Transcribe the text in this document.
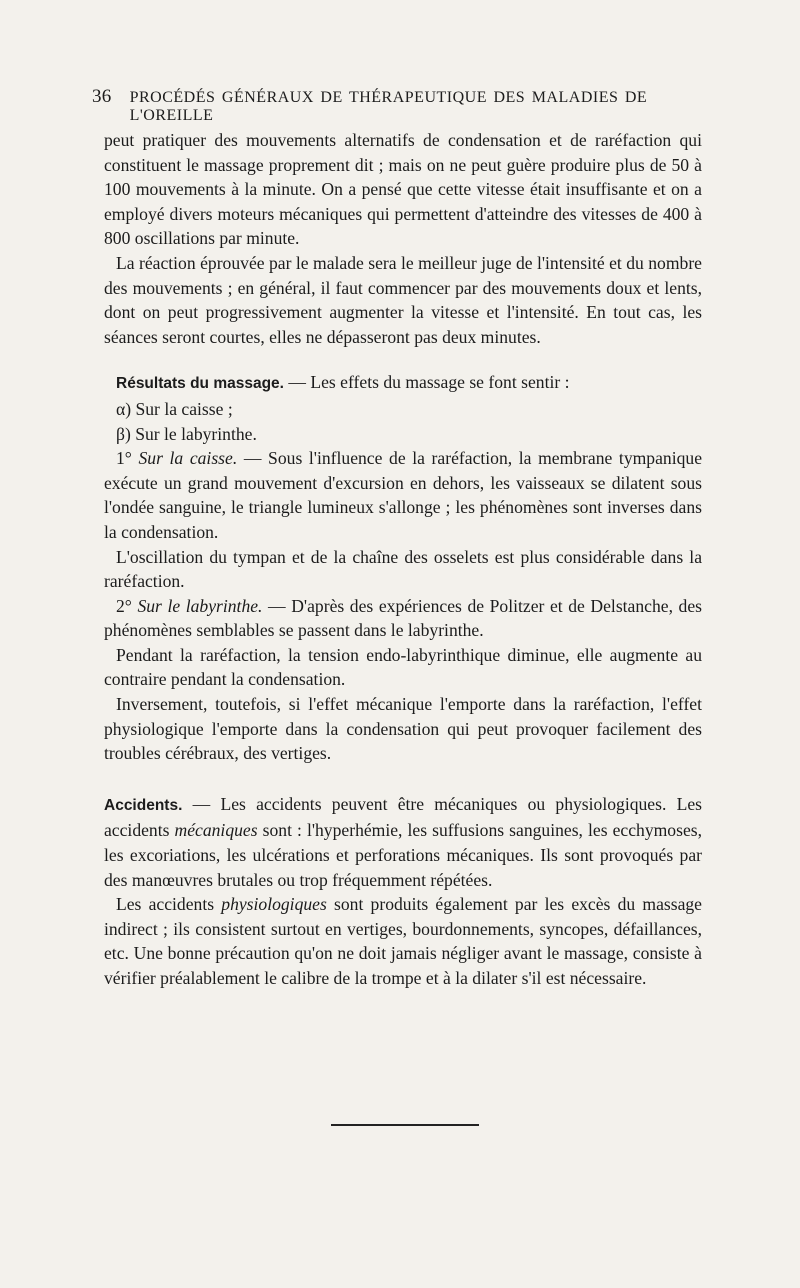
36 PROCÉDÉS GÉNÉRAUX DE THÉRAPEUTIQUE DES MALADIES DE L'OREILLE

peut pratiquer des mouvements alternatifs de condensation et de raréfaction qui constituent le massage proprement dit ; mais on ne peut guère produire plus de 50 à 100 mouvements à la minute. On a pensé que cette vitesse était insuffisante et on a employé divers moteurs mécaniques qui permettent d'atteindre des vitesses de 400 à 800 oscillations par minute.

La réaction éprouvée par le malade sera le meilleur juge de l'intensité et du nombre des mouvements ; en général, il faut commencer par des mouvements doux et lents, dont on peut progressivement augmenter la vitesse et l'intensité. En tout cas, les séances seront courtes, elles ne dépasseront pas deux minutes.

Résultats du massage. — Les effets du massage se font sentir :

α) Sur la caisse ;

β) Sur le labyrinthe.

1° Sur la caisse. — Sous l'influence de la raréfaction, la membrane tympanique exécute un grand mouvement d'excursion en dehors, les vaisseaux se dilatent sous l'ondée sanguine, le triangle lumineux s'allonge ; les phénomènes sont inverses dans la condensation.

L'oscillation du tympan et de la chaîne des osselets est plus considérable dans la raréfaction.

2° Sur le labyrinthe. — D'après des expériences de Politzer et de Delstanche, des phénomènes semblables se passent dans le labyrinthe.

Pendant la raréfaction, la tension endo-labyrinthique diminue, elle augmente au contraire pendant la condensation.

Inversement, toutefois, si l'effet mécanique l'emporte dans la raréfaction, l'effet physiologique l'emporte dans la condensation qui peut provoquer facilement des troubles cérébraux, des vertiges.

Accidents. — Les accidents peuvent être mécaniques ou physiologiques. Les accidents mécaniques sont : l'hyperhémie, les suffusions sanguines, les ecchymoses, les excoriations, les ulcérations et perforations mécaniques. Ils sont provoqués par des manœuvres brutales ou trop fréquemment répétées.

Les accidents physiologiques sont produits également par les excès du massage indirect ; ils consistent surtout en vertiges, bourdonnements, syncopes, défaillances, etc. Une bonne précaution qu'on ne doit jamais négliger avant le massage, consiste à vérifier préalablement le calibre de la trompe et à la dilater s'il est nécessaire.
